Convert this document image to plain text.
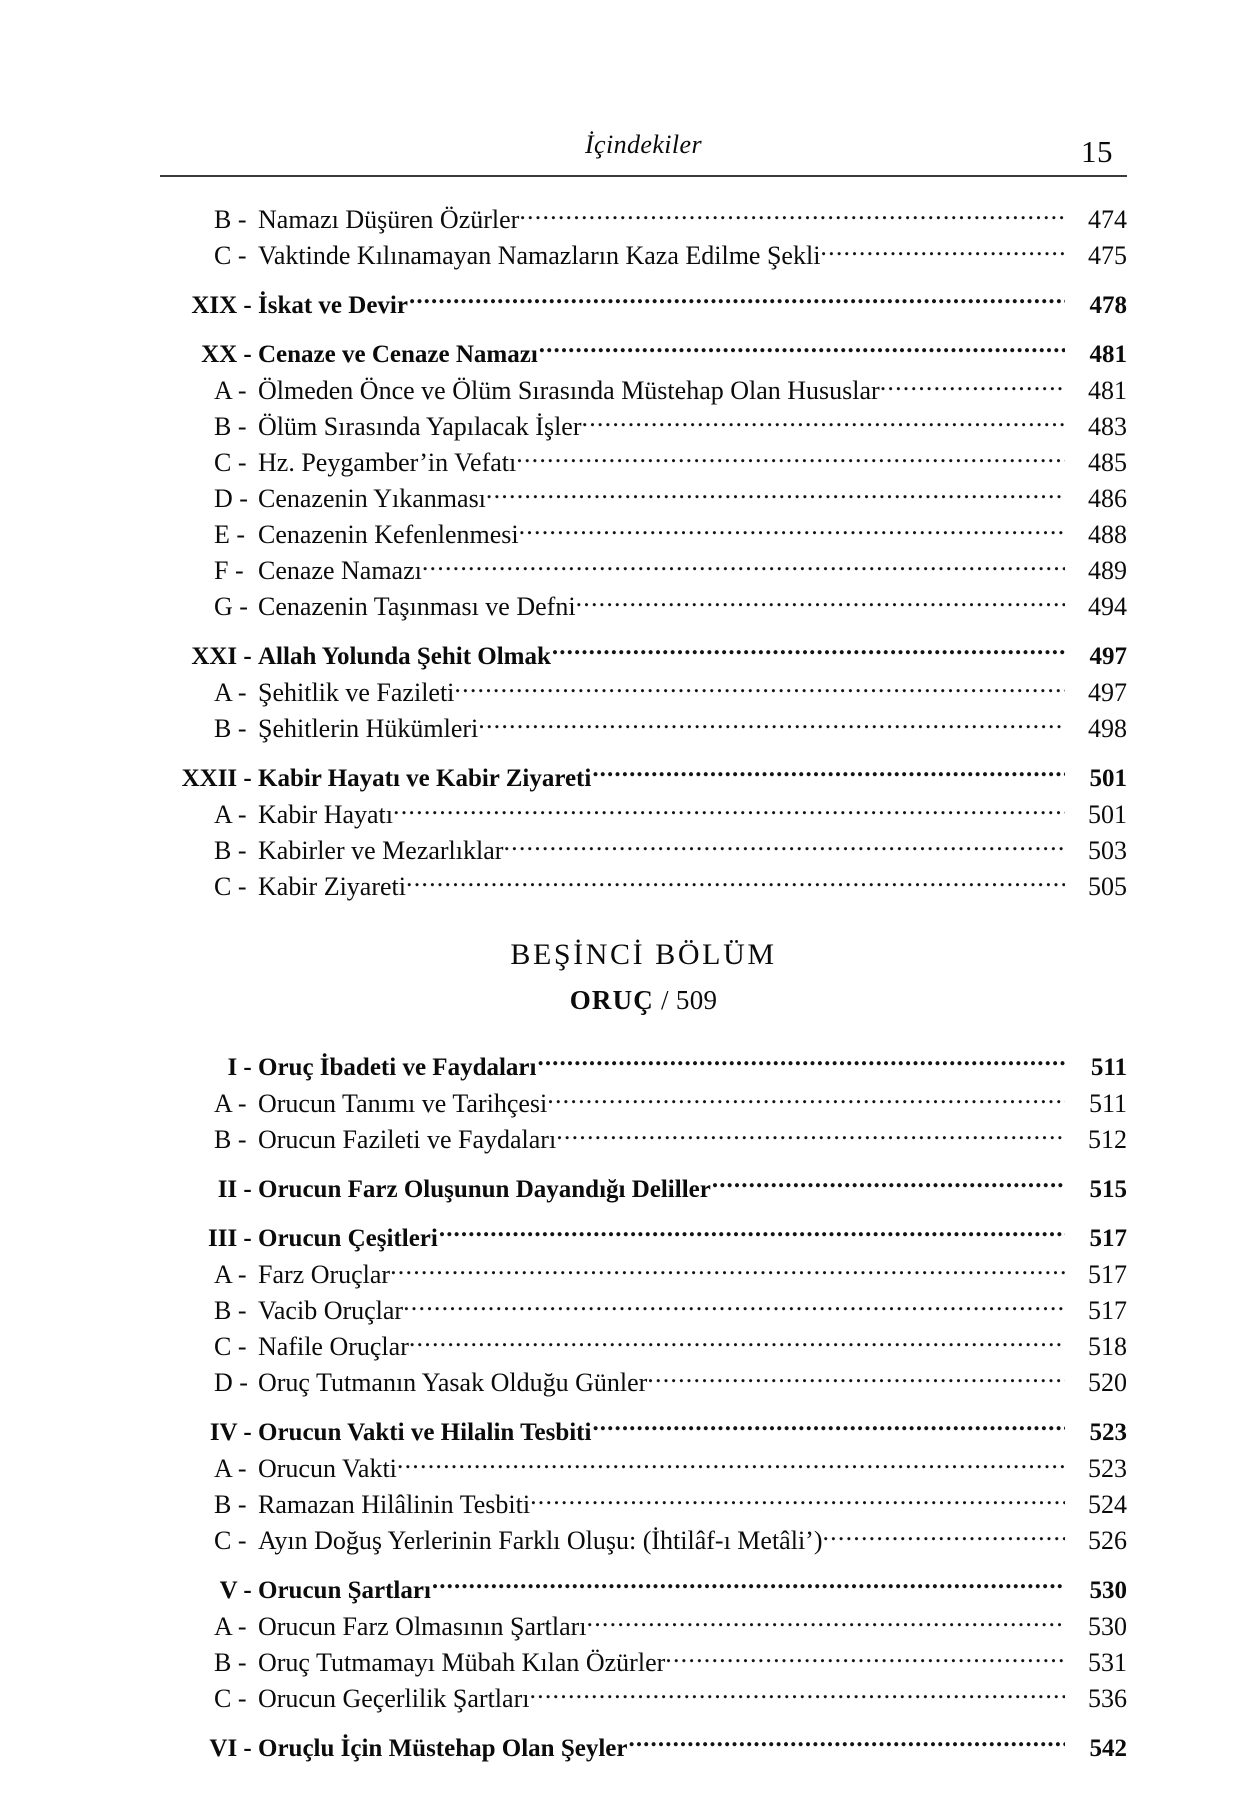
İçindekiler	15
B - Namazı Düşüren Özürler .....	474
C - Vaktinde Kılınamayan Namazların Kaza Edilme Şekli .....	475
XIX - İskat ve Devir .....	478
XX - Cenaze ve Cenaze Namazı .....	481
A - Ölmeden Önce ve Ölüm Sırasında Müstehap Olan Hususlar .....	481
B - Ölüm Sırasında Yapılacak İşler .....	483
C - Hz. Peygamber’in Vefatı .....	485
D - Cenazenin Yıkanması .....	486
E - Cenazenin Kefenlenmesi .....	488
F - Cenaze Namazı .....	489
G - Cenazenin Taşınması ve Defni .....	494
XXI - Allah Yolunda Şehit Olmak .....	497
A - Şehitlik ve Fazileti .....	497
B - Şehitlerin Hükümleri .....	498
XXII - Kabir Hayatı ve Kabir Ziyareti .....	501
A - Kabir Hayatı .....	501
B - Kabirler ve Mezarlıklar .....	503
C - Kabir Ziyareti .....	505
BEŞİNCİ BÖLÜM
ORUÇ / 509
I - Oruç İbadeti ve Faydaları .....	511
A - Orucun Tanımı ve Tarihçesi .....	511
B - Orucun Fazileti ve Faydaları .....	512
II - Orucun Farz Oluşunun Dayandığı Deliller .....	515
III - Orucun Çeşitleri .....	517
A - Farz Oruçlar .....	517
B - Vacib Oruçlar .....	517
C - Nafile Oruçlar .....	518
D - Oruç Tutmanın Yasak Olduğu Günler .....	520
IV - Orucun Vakti ve Hilalin Tesbiti .....	523
A - Orucun Vakti .....	523
B - Ramazan Hilâlinin Tesbiti .....	524
C - Ayın Doğuş Yerlerinin Farklı Oluşu: (İhtilâf-ı Metâli’) .....	526
V - Orucun Şartları .....	530
A - Orucun Farz Olmasının Şartları .....	530
B - Oruç Tutmamayı Mübah Kılan Özürler .....	531
C - Orucun Geçerlilik Şartları .....	536
VI - Oruçlu İçin Müstehap Olan Şeyler .....	542
